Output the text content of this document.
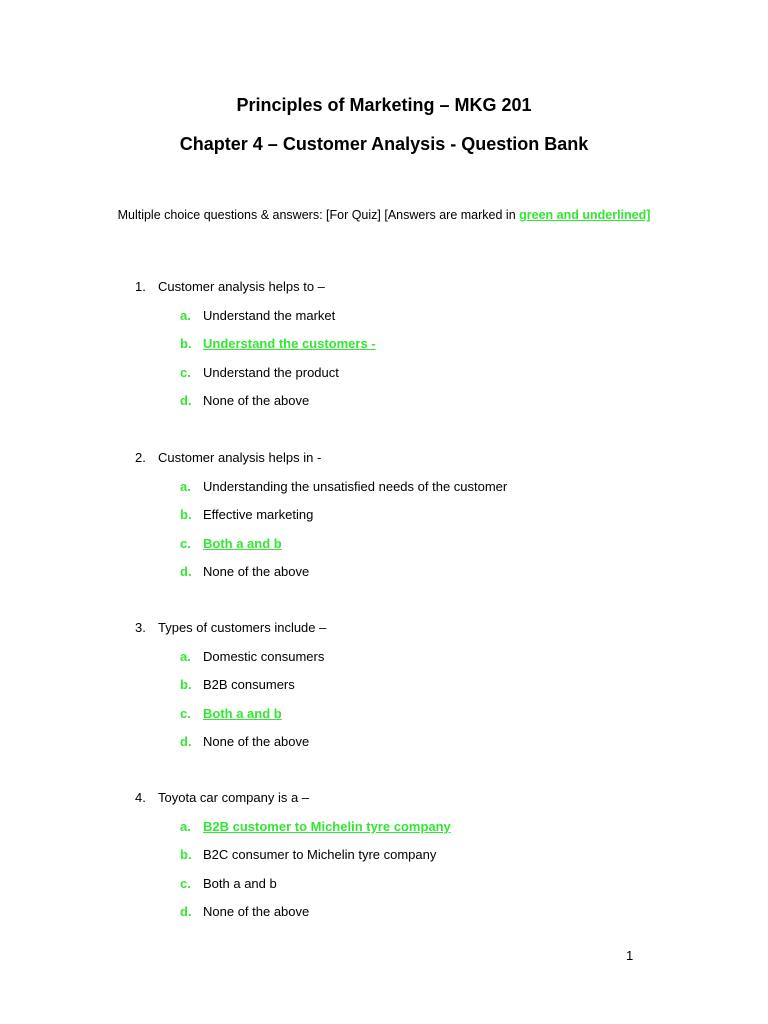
Principles of Marketing – MKG 201
Chapter 4 – Customer Analysis - Question Bank
Multiple choice questions & answers: [For Quiz] [Answers are marked in green and underlined]
1. Customer analysis helps to –
a. Understand the market
b. Understand the customers -
c. Understand the product
d. None of the above
2. Customer analysis helps in -
a. Understanding the unsatisfied needs of the customer
b. Effective marketing
c. Both a and b
d. None of the above
3. Types of customers include –
a. Domestic consumers
b. B2B consumers
c. Both a and b
d. None of the above
4. Toyota car company is a –
a. B2B customer to Michelin tyre company
b. B2C consumer to Michelin tyre company
c. Both a and b
d. None of the above
1
